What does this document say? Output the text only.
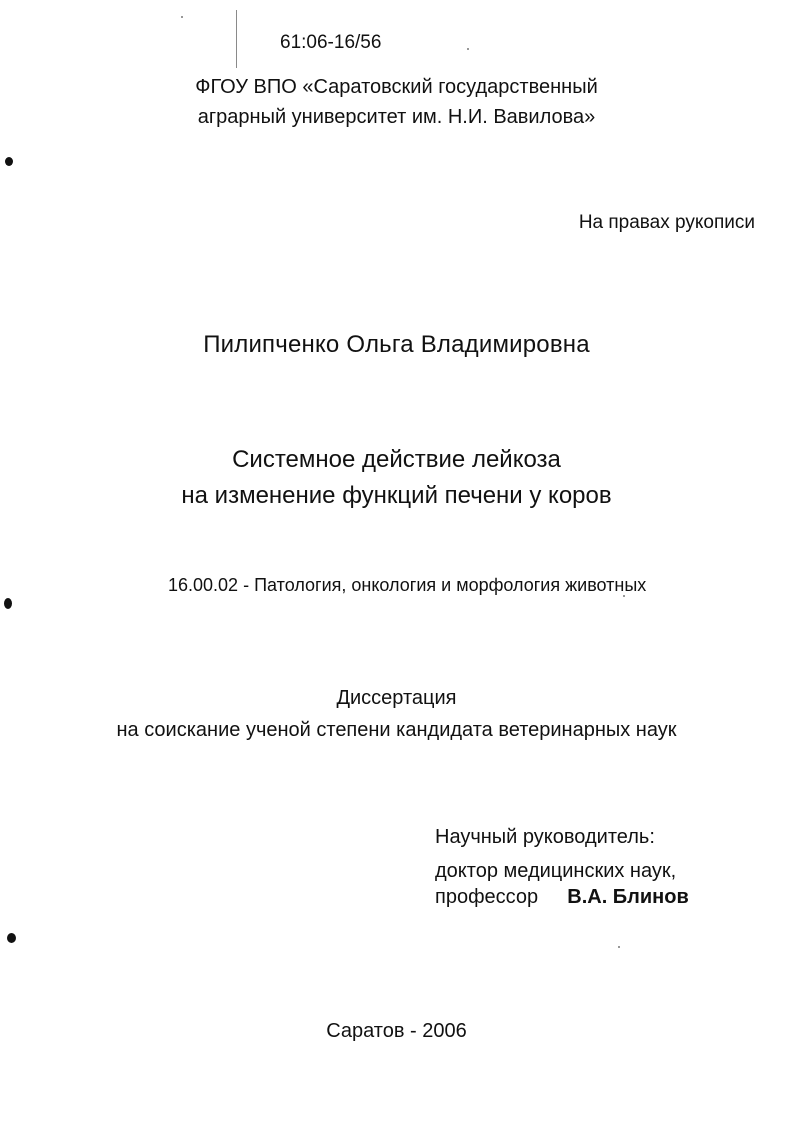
61:06-16/56
ФГОУ ВПО «Саратовский государственный
аграрный университет им. Н.И. Вавилова»
На правах рукописи
Пилипченко Ольга Владимировна
Системное действие лейкоза
на изменение функций печени у коров
16.00.02 - Патология, онкология и морфология животных
Диссертация
на соискание ученой степени кандидата ветеринарных наук
Научный руководитель:
доктор медицинских наук,
профессор В.А. Блинов
Саратов - 2006
